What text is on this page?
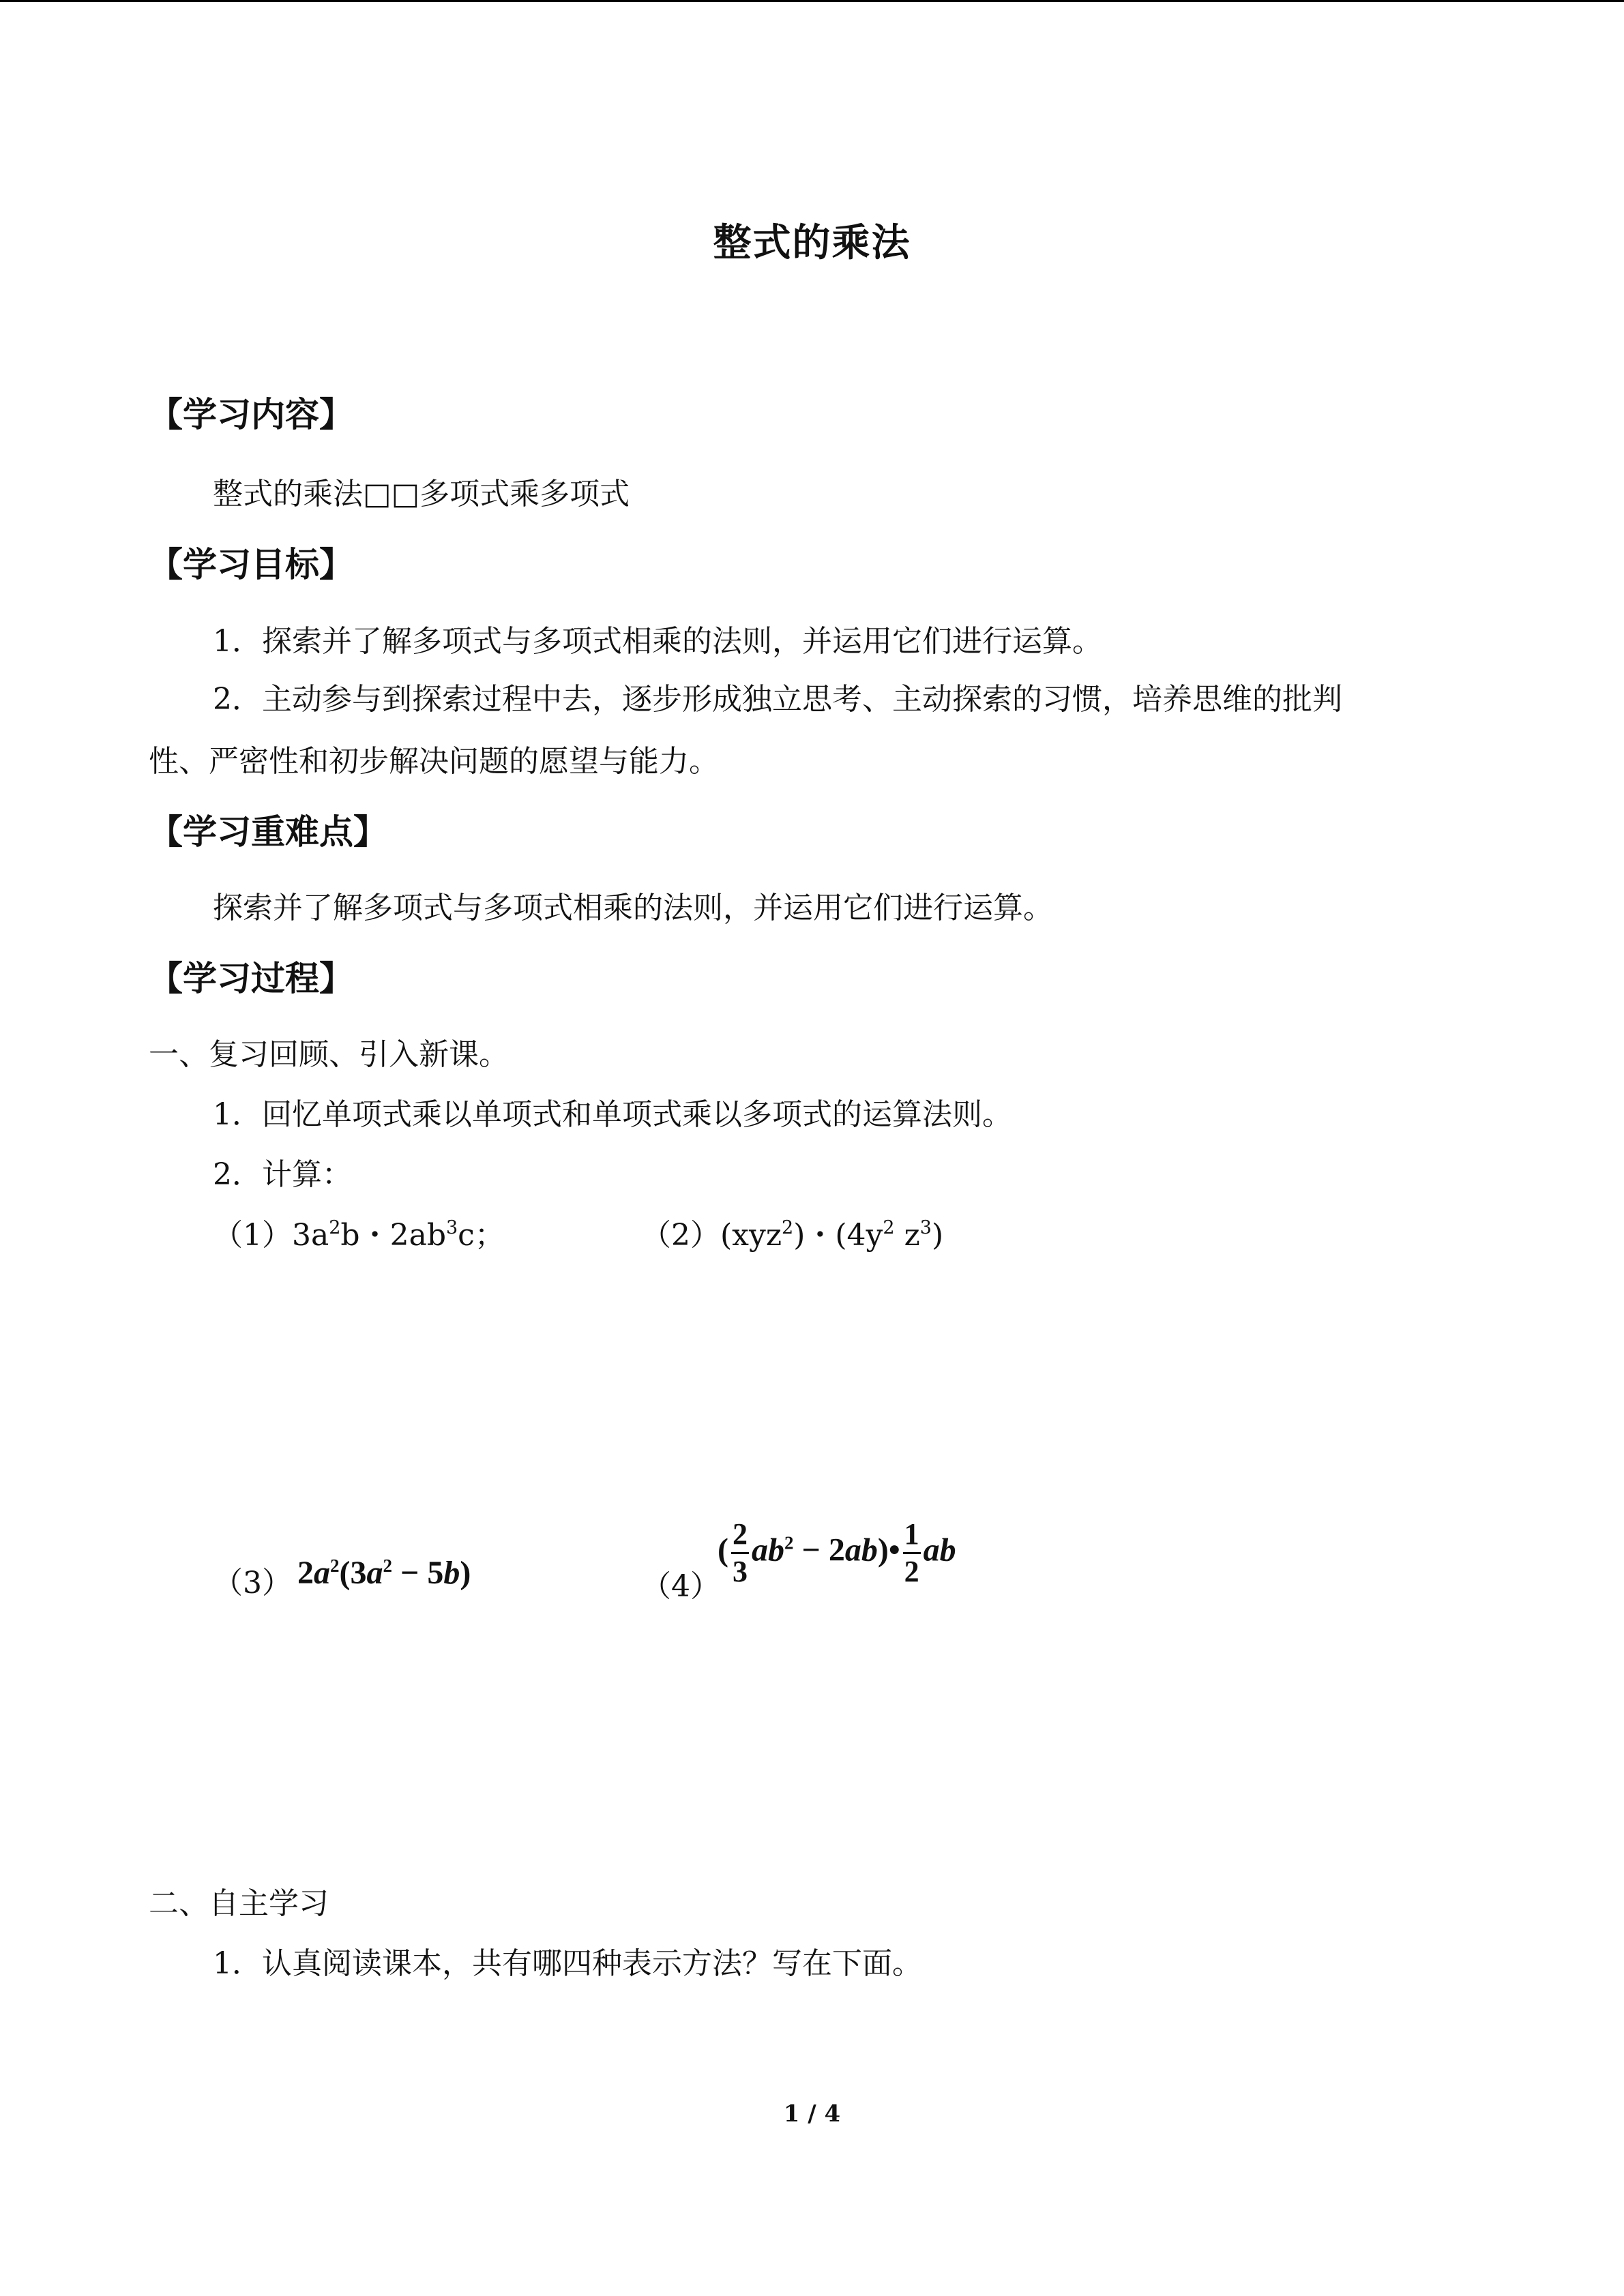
整式的乘法
【学习内容】
整式的乘法□□多项式乘多项式
【学习目标】
1．探索并了解多项式与多项式相乘的法则，并运用它们进行运算。
2．主动参与到探索过程中去，逐步形成独立思考、主动探索的习惯，培养思维的批判
性、严密性和初步解决问题的愿望与能力。
【学习重难点】
探索并了解多项式与多项式相乘的法则，并运用它们进行运算。
【学习过程】
一、复习回顾、引入新课。
1．回忆单项式乘以单项式和单项式乘以多项式的运算法则。
2．计算：
$(1)3a^2b$・$2ab^3c$；	（2）(xyz$^2$)・($4y^2$ $z^3$)
（3） $2a^2(3a^2 - 5b)$	（4）
( $\frac{2}{3} ab^2$ − 2ab)• $\frac{1}{2}$ ab
二、自主学习
1．认真阅读课本，共有哪四种表示方法？写在下面。
1 / 4
